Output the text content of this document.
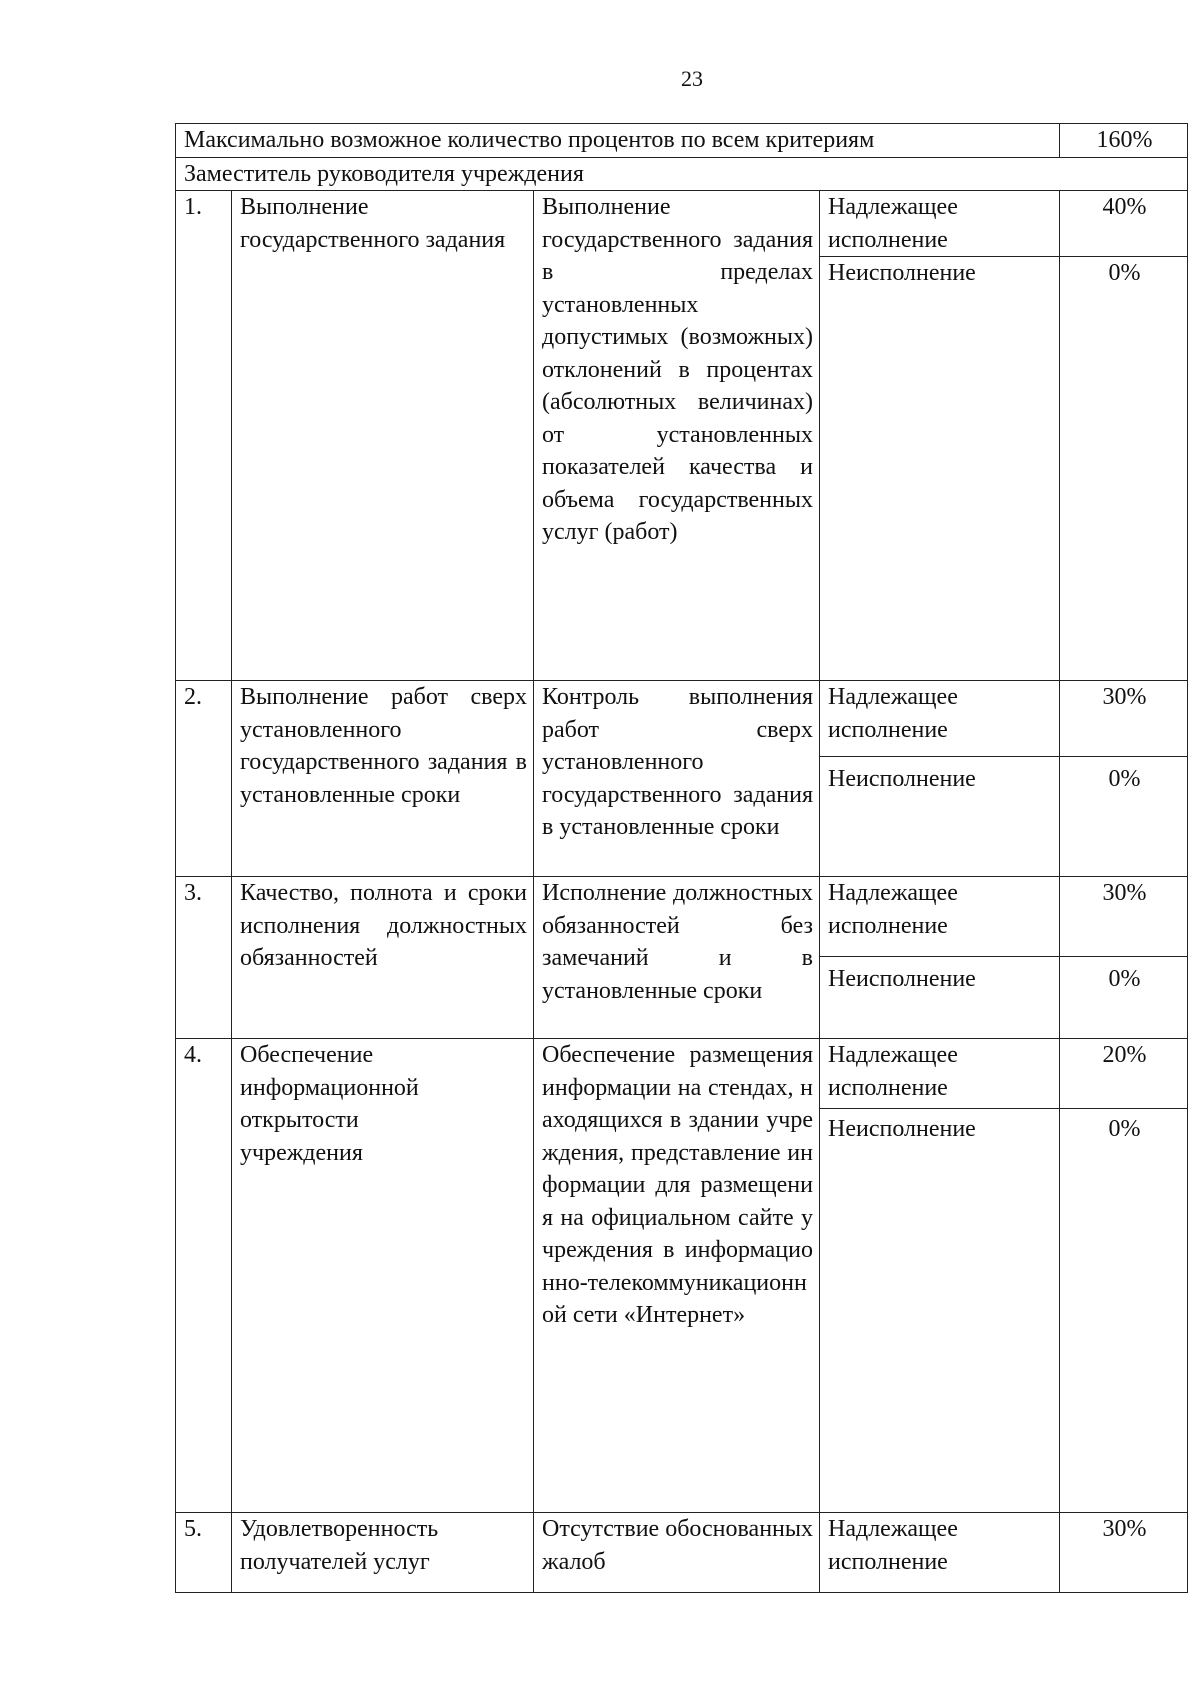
23
Максимально возможное количество процентов по всем критериям				160%
Заместитель руководителя учреждения				
1.	Выполнение государственного задания	Выполнение государственного задания в пределах установленных допустимых (возможных) отклонений в процентах (абсолютных величинах) от установленных показателей качества и объема государственных услуг (работ)	Надлежащее исполнение	40%
			Неисполнение	0%
2.	Выполнение работ сверх установленного государственного задания в установленные сроки	Контроль выполнения работ сверх установленного государственного задания в установленные сроки	Надлежащее исполнение	30%
			Неисполнение	0%
3.	Качество, полнота и сроки исполнения должностных обязанностей	Исполнение должностных обязанностей без замечаний и в установленные сроки	Надлежащее исполнение	30%
			Неисполнение	0%
4.	Обеспечение информационной открытости учреждения	Обеспечение размещения информации на стендах, находящихся в здании учреждения, представление информации для размещения на официальном сайте учреждения в информационно-телекоммуникационной сети «Интернет»	Надлежащее исполнение	20%
			Неисполнение	0%
5.	Удовлетворенность получателей услуг	Отсутствие обоснованных жалоб	Надлежащее исполнение	30%
